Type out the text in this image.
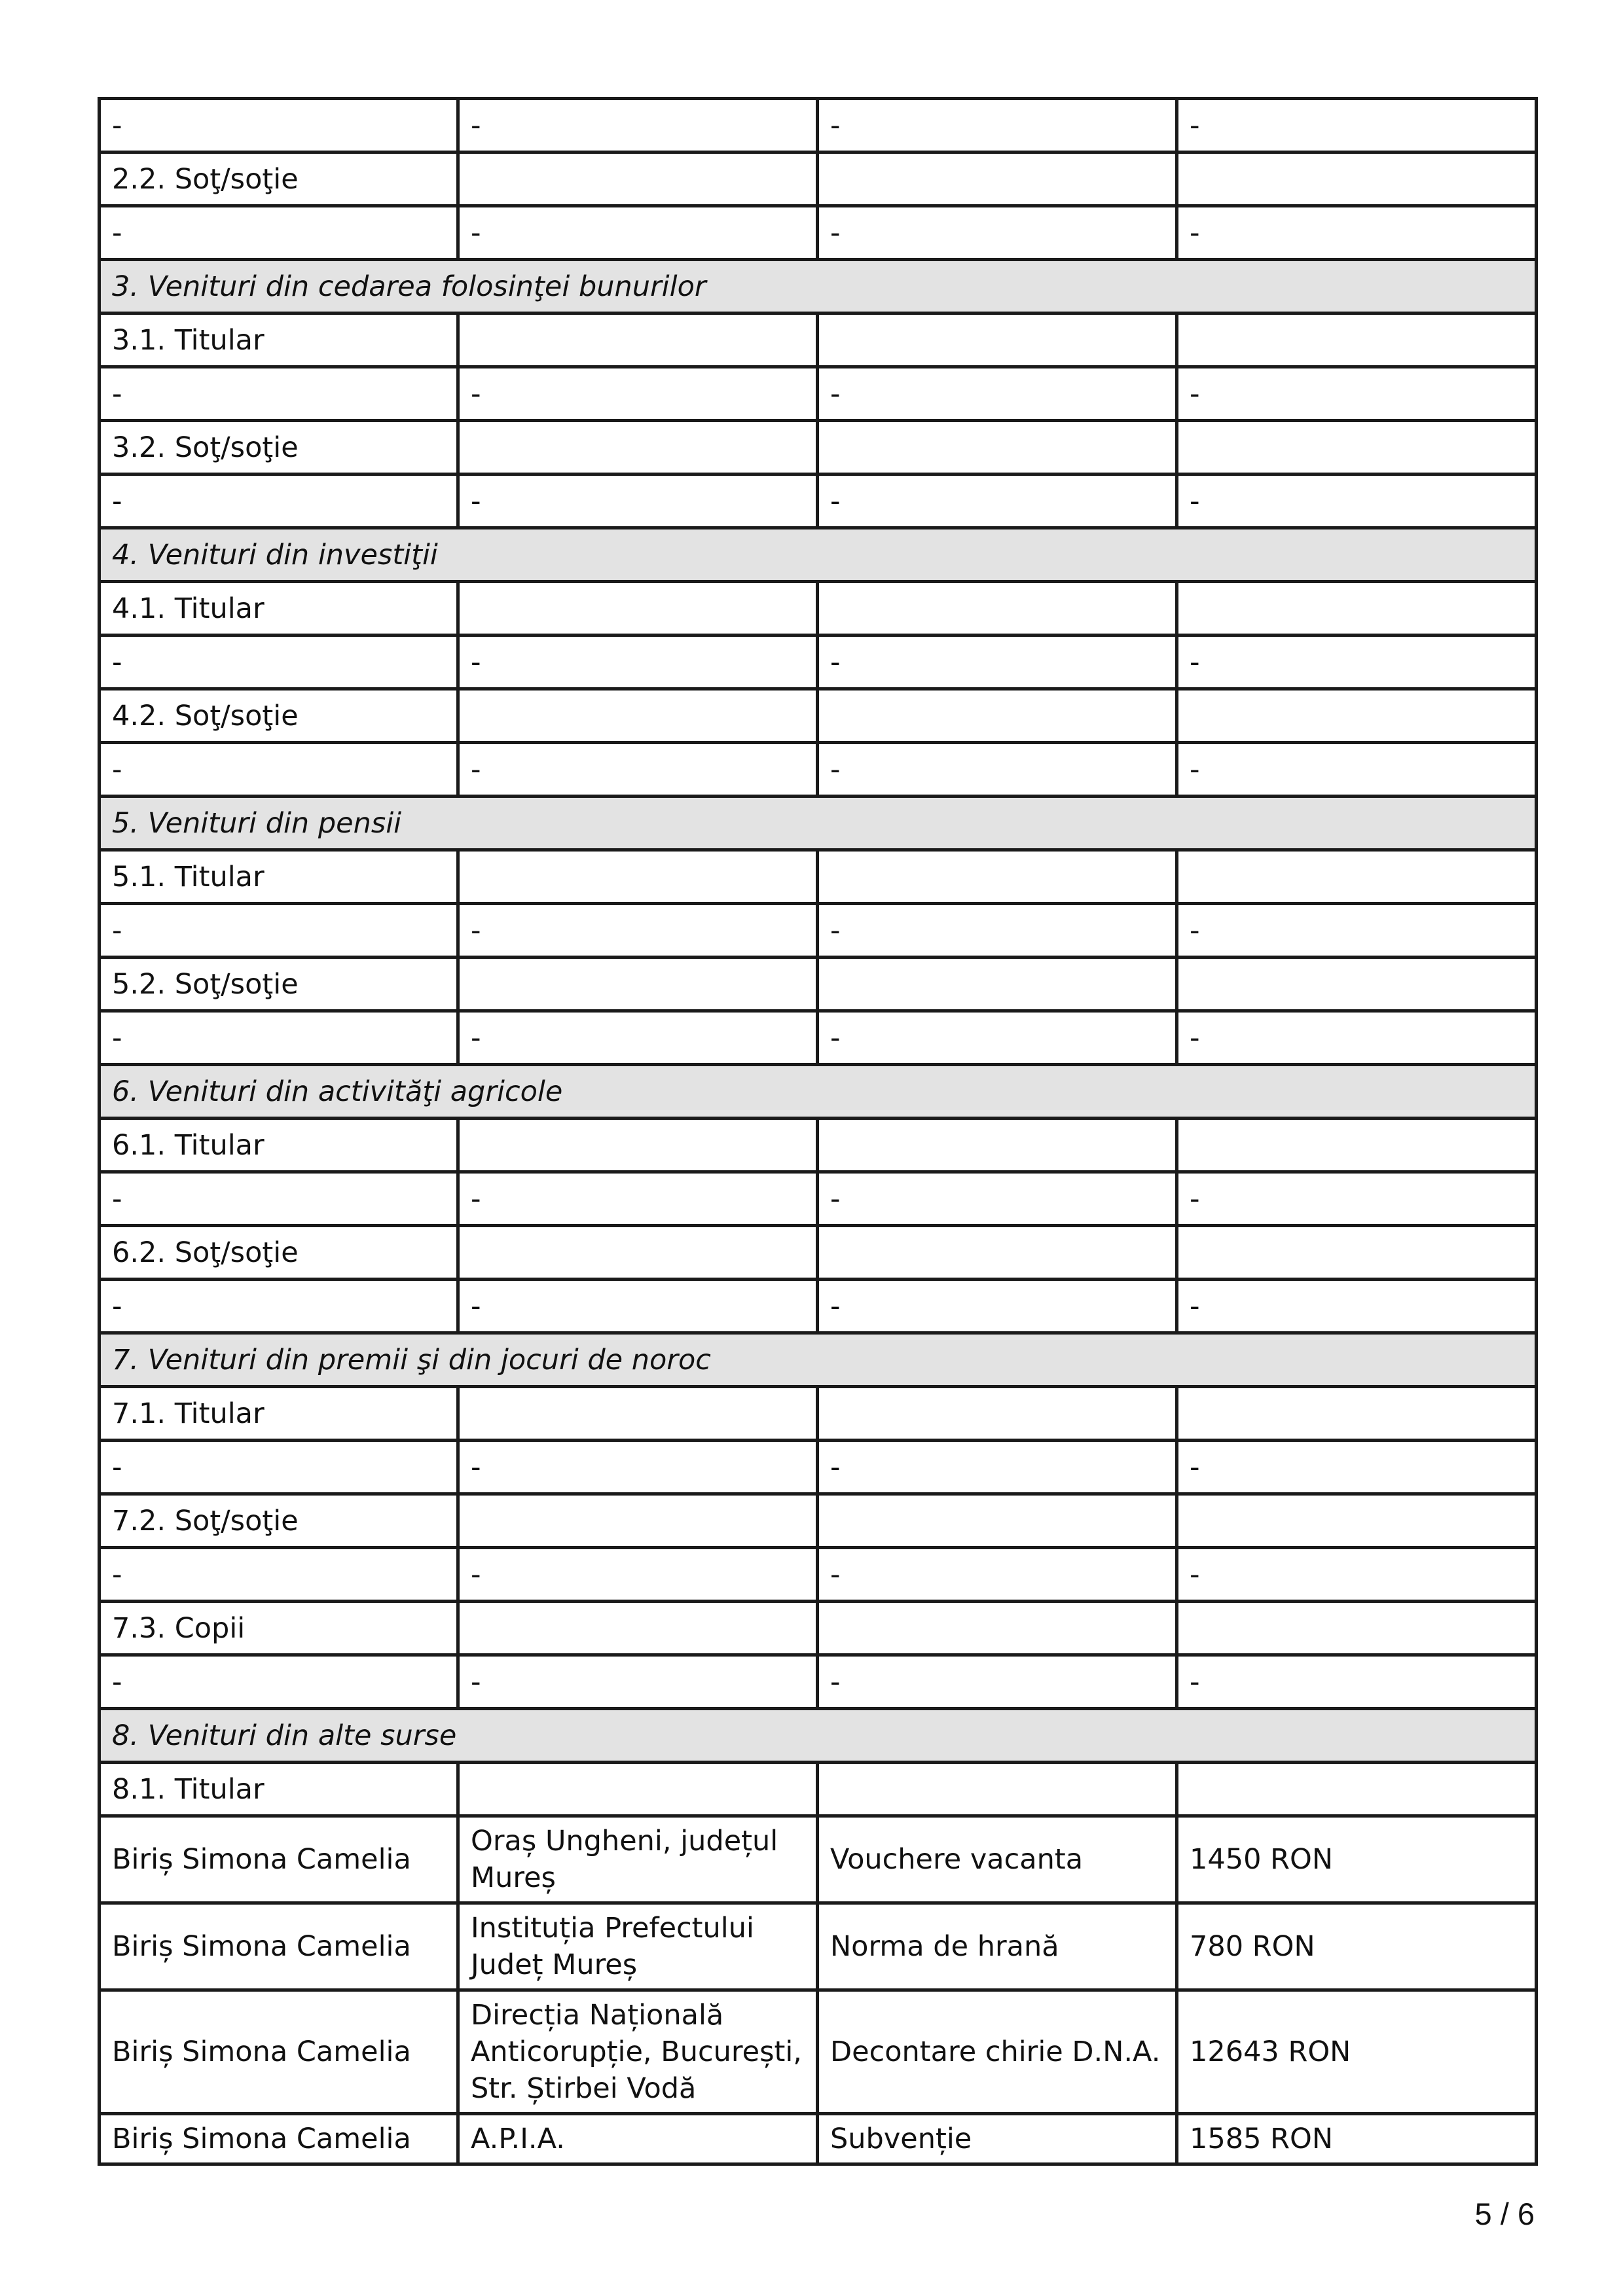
-	-	-	-
2.2. Soţ/soţie			
-	-	-	-
3. Venituri din cedarea folosinţei bunurilor			
3.1. Titular			
-	-	-	-
3.2. Soţ/soţie			
-	-	-	-
4. Venituri din investiţii			
4.1. Titular			
-	-	-	-
4.2. Soţ/soţie			
-	-	-	-
5. Venituri din pensii			
5.1. Titular			
-	-	-	-
5.2. Soţ/soţie			
-	-	-	-
6. Venituri din activităţi agricole			
6.1. Titular			
-	-	-	-
6.2. Soţ/soţie			
-	-	-	-
7. Venituri din premii şi din jocuri de noroc			
7.1. Titular			
-	-	-	-
7.2. Soţ/soţie			
-	-	-	-
7.3. Copii			
-	-	-	-
8. Venituri din alte surse			
8.1. Titular			
Biriș Simona Camelia	Oraș Ungheni, județul Mureș	Vouchere vacanta	1450 RON
Biriș Simona Camelia	Instituția Prefectului Județ Mureș	Norma de hrană	780 RON
Biriș Simona Camelia	Direcția Națională Anticorupție, București, Str. Știrbei Vodă	Decontare chirie D.N.A.	12643 RON
Biriș Simona Camelia	A.P.I.A.	Subvenție	1585 RON
5 / 6
